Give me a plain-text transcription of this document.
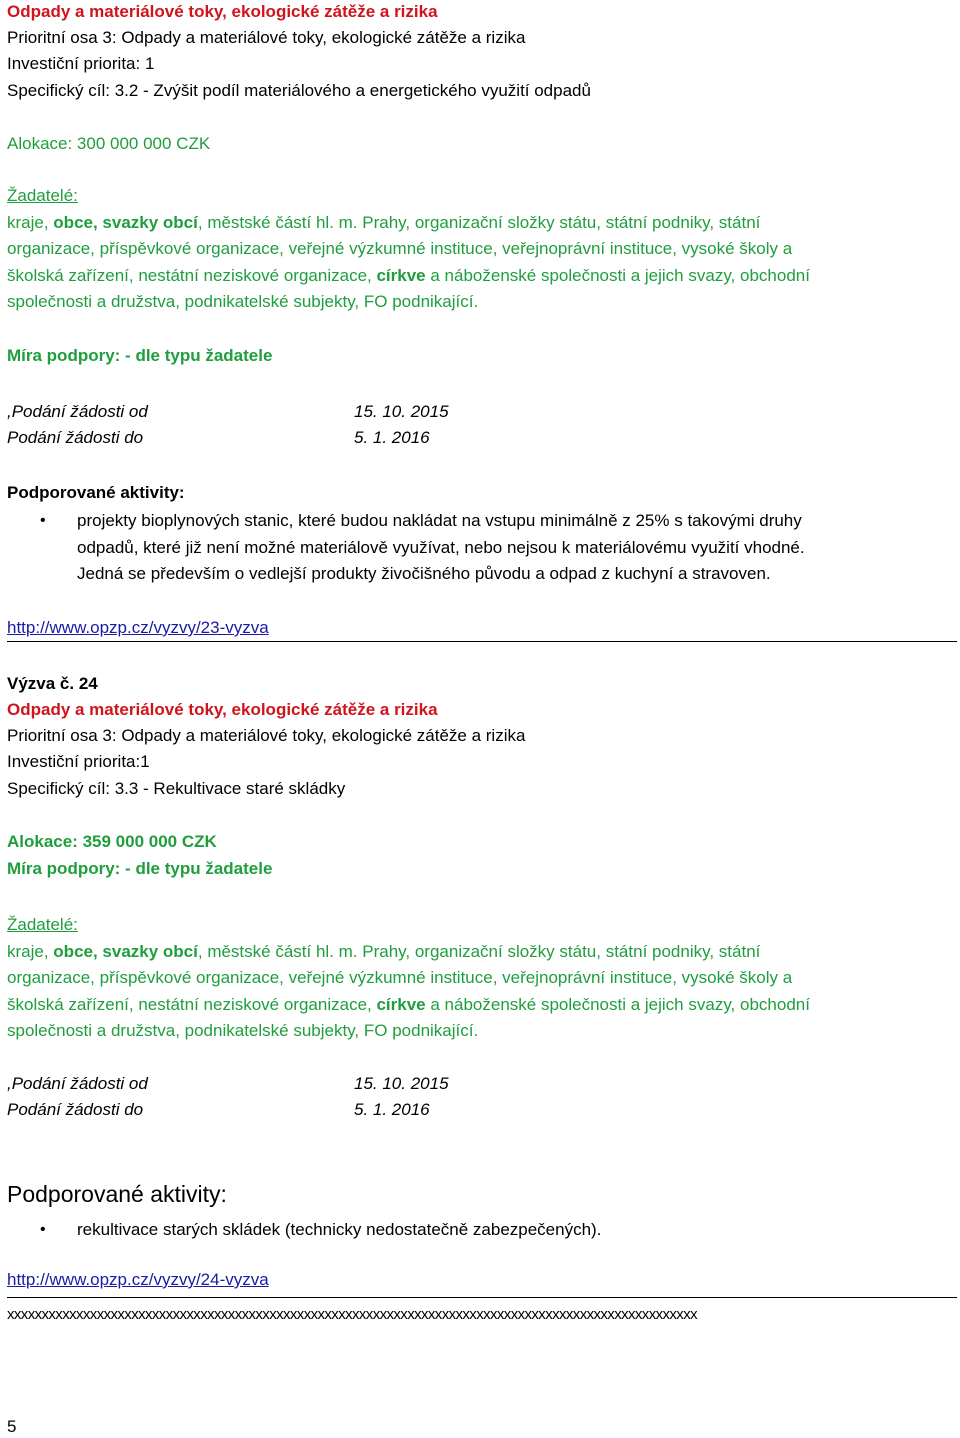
Odpady a materiálové toky, ekologické zátěže a rizika
Prioritní osa 3: Odpady a materiálové toky, ekologické zátěže a rizika
Investiční priorita: 1
Specifický cíl: 3.2 - Zvýšit podíl materiálového a energetického využití odpadů
Alokace: 300 000 000 CZK
Žadatelé:
kraje, obce, svazky obcí, městské částí hl. m. Prahy, organizační složky státu, státní podniky, státní
organizace, příspěvkové organizace, veřejné výzkumné instituce, veřejnoprávní instituce, vysoké školy a
školská zařízení, nestátní neziskové organizace, církve a náboženské společnosti a jejich svazy, obchodní
společnosti a družstva, podnikatelské subjekty, FO podnikající.
Míra podpory: - dle typu žadatele
,Podání žádosti od	15. 10. 2015
Podání žádosti do	5. 1. 2016
Podporované aktivity:
• projekty bioplynových stanic, které budou nakládat na vstupu minimálně z 25% s takovými druhy
odpadů, které již není možné materiálově využívat, nebo nejsou k materiálovému využití vhodné.
Jedná se především o vedlejší produkty živočišného původu a odpad z kuchyní a stravoven.
http://www.opzp.cz/vyzvy/23-vyzva
Výzva č. 24
Odpady a materiálové toky, ekologické zátěže a rizika
Prioritní osa 3: Odpady a materiálové toky, ekologické zátěže a rizika
Investiční priorita:1
Specifický cíl: 3.3 - Rekultivace staré skládky
Alokace: 359 000 000 CZK
Míra podpory: - dle typu žadatele
Žadatelé:
kraje, obce, svazky obcí, městské částí hl. m. Prahy, organizační složky státu, státní podniky, státní
organizace, příspěvkové organizace, veřejné výzkumné instituce, veřejnoprávní instituce, vysoké školy a
školská zařízení, nestátní neziskové organizace, církve a náboženské společnosti a jejich svazy, obchodní
společnosti a družstva, podnikatelské subjekty, FO podnikající.
,Podání žádosti od	15. 10. 2015
Podání žádosti do	5. 1. 2016
Podporované aktivity:
• rekultivace starých skládek (technicky nedostatečně zabezpečených).
http://www.opzp.cz/vyzvy/24-vyzva
xxxxxxxxxxxxxxxxxxxxxxxxxxxxxxxxxxxxxxxxxxxxxxxxxxxxxxxxxxxxxxxxxxxxxxxxxxxxxxxxxxxxxxxxxxxxxxxxxxxx
5
